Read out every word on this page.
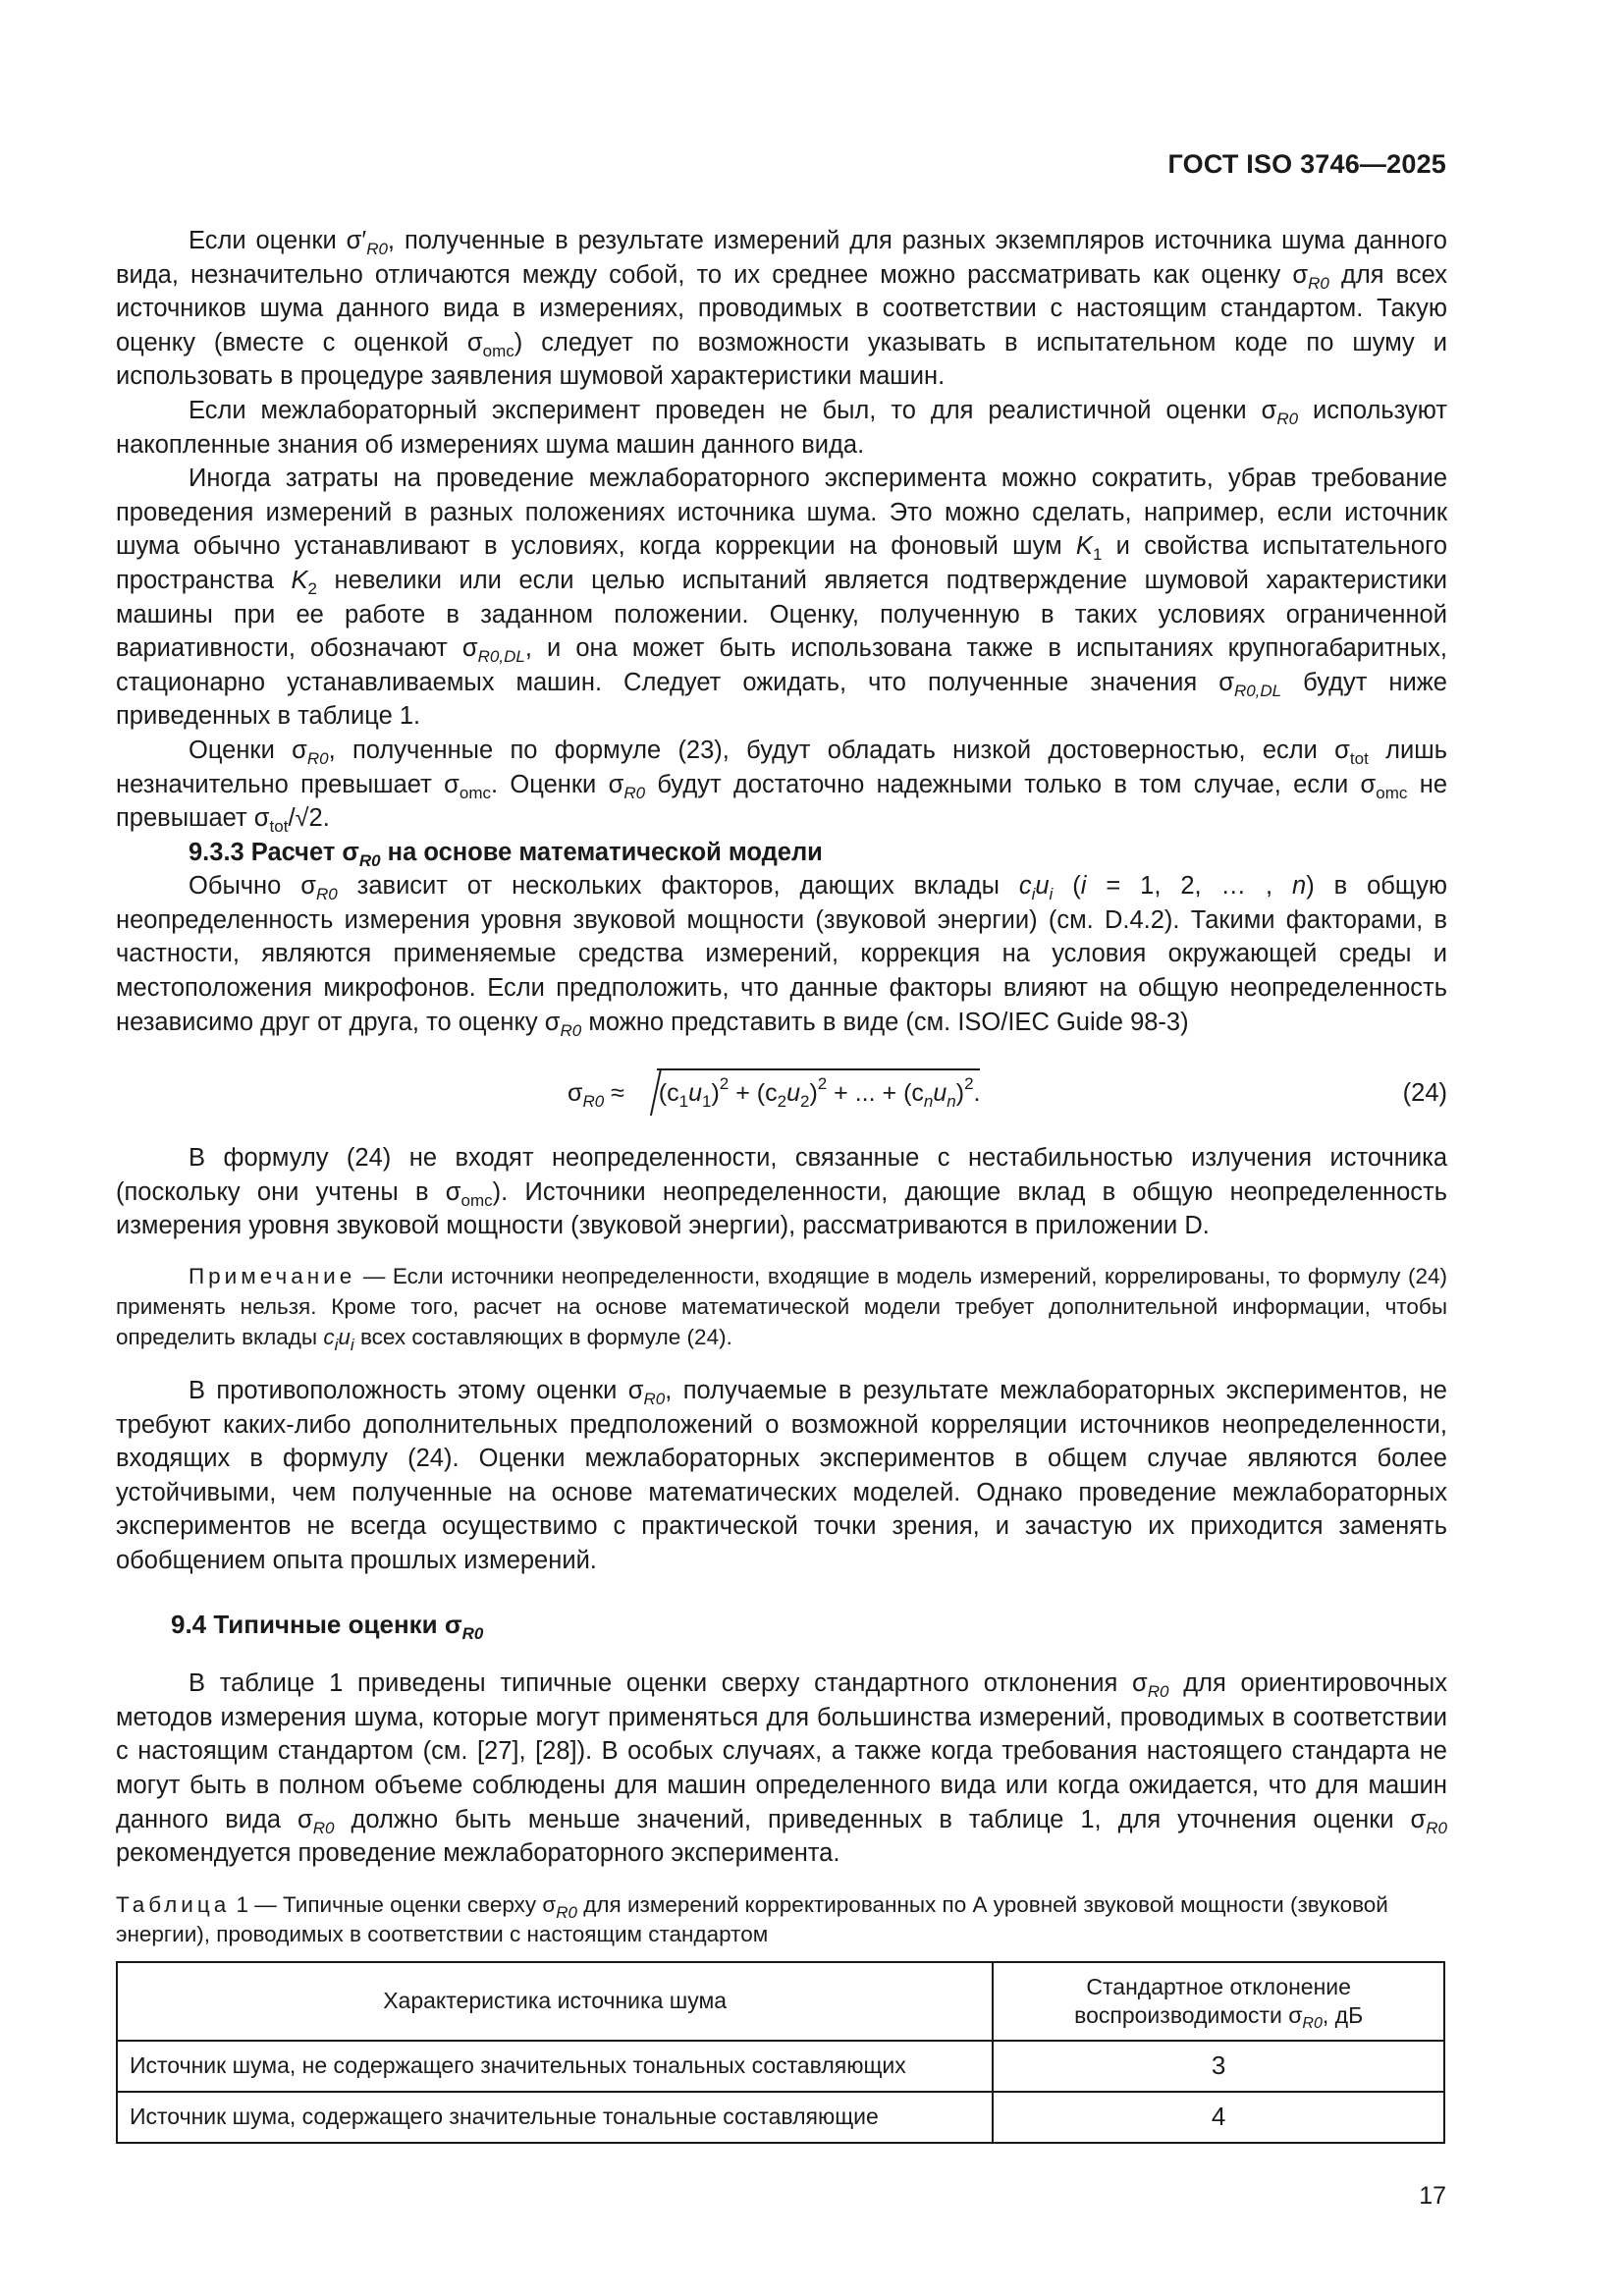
ГОСТ ISO 3746—2025

Если оценки $\sigma'_{R0}$, полученные в результате измерений для разных экземпляров источника шума данного вида, незначительно отличаются между собой, то их среднее можно рассматривать как оценку $\sigma_{R0}$ для всех источников шума данного вида в измерениях, проводимых в соответствии с настоящим стандартом. Такую оценку (вместе с оценкой $\sigma_{omc}$) следует по возможности указывать в испытательном коде по шуму и использовать в процедуре заявления шумовой характеристики машин.

Если межлабораторный эксперимент проведен не был, то для реалистичной оценки $\sigma_{R0}$ используют накопленные знания об измерениях шума машин данного вида.

Иногда затраты на проведение межлабораторного эксперимента можно сократить, убрав требование проведения измерений в разных положениях источника шума. Это можно сделать, например, если источник шума обычно устанавливают в условиях, когда коррекции на фоновый шум $K_1$ и свойства испытательного пространства $K_2$ невелики или если целью испытаний является подтверждение шумовой характеристики машины при ее работе в заданном положении. Оценку, полученную в таких условиях ограниченной вариативности, обозначают $\sigma_{R0,DL}$, и она может быть использована также в испытаниях крупногабаритных, стационарно устанавливаемых машин. Следует ожидать, что полученные значения $\sigma_{R0,DL}$ будут ниже приведенных в таблице 1.

Оценки $\sigma_{R0}$, полученные по формуле (23), будут обладать низкой достоверностью, если $\sigma_{tot}$ лишь незначительно превышает $\sigma_{omc}$. Оценки $\sigma_{R0}$ будут достаточно надежными только в том случае, если $\sigma_{omc}$ не превышает $\sigma_{tot}/√2$.

9.3.3 Расчет $\sigma_{R0}$ на основе математической модели

Обычно $\sigma_{R0}$ зависит от нескольких факторов, дающих вклады $c_iu_i$ (i = 1, 2, … , n) в общую неопределенность измерения уровня звуковой мощности (звуковой энергии) (см. D.4.2). Такими факторами, в частности, являются применяемые средства измерений, коррекция на условия окружающей среды и местоположения микрофонов. Если предположить, что данные факторы влияют на общую неопределенность независимо друг от друга, то оценку $\sigma_{R0}$ можно представить в виде (см. ISO/IEC Guide 98-3)

$\sigma_{R0} \approx (c_1u_1)^2 + (c_2u_2)^2$ + ... + $(c_nu_n)^2$.	(24)

В формулу (24) не входят неопределенности, связанные с нестабильностью излучения источника (поскольку они учтены в $\sigma_{omc}$). Источники неопределенности, дающие вклад в общую неопределенность измерения уровня звуковой мощности (звуковой энергии), рассматриваются в приложении D.

Примечание — Если источники неопределенности, входящие в модель измерений, коррелированы, то формулу (24) применять нельзя. Кроме того, расчет на основе математической модели требует дополнительной информации, чтобы определить вклады $c_iu_i$ всех составляющих в формуле (24).

В противоположность этому оценки $\sigma_{R0}$, получаемые в результате межлабораторных экспериментов, не требуют каких-либо дополнительных предположений о возможной корреляции источников неопределенности, входящих в формулу (24). Оценки межлабораторных экспериментов в общем случае являются более устойчивыми, чем полученные на основе математических моделей. Однако проведение межлабораторных экспериментов не всегда осуществимо с практической точки зрения, и зачастую их приходится заменять обобщением опыта прошлых измерений.

9.4 Типичные оценки $\sigma_{R0}$

В таблице 1 приведены типичные оценки сверху стандартного отклонения $\sigma_{R0}$ для ориентировочных методов измерения шума, которые могут применяться для большинства измерений, проводимых в соответствии с настоящим стандартом (см. [27], [28]). В особых случаях, а также когда требования настоящего стандарта не могут быть в полном объеме соблюдены для машин определенного вида или когда ожидается, что для машин данного вида $\sigma_{R0}$ должно быть меньше значений, приведенных в таблице 1, для уточнения оценки $\sigma_{R0}$ рекомендуется проведение межлабораторного эксперимента.

Таблица 1 — Типичные оценки сверху $\sigma_{R0}$ для измерений корректированных по А уровней звуковой мощности (звуковой энергии), проводимых в соответствии с настоящим стандартом
Характеристика источника шума	Стандартное отклонение
воспроизводимости $\sigma_{R0}$, дБ
Источник шума, не содержащего значительных тональных составляющих	3
Источник шума, содержащего значительные тональные составляющие	4
17
